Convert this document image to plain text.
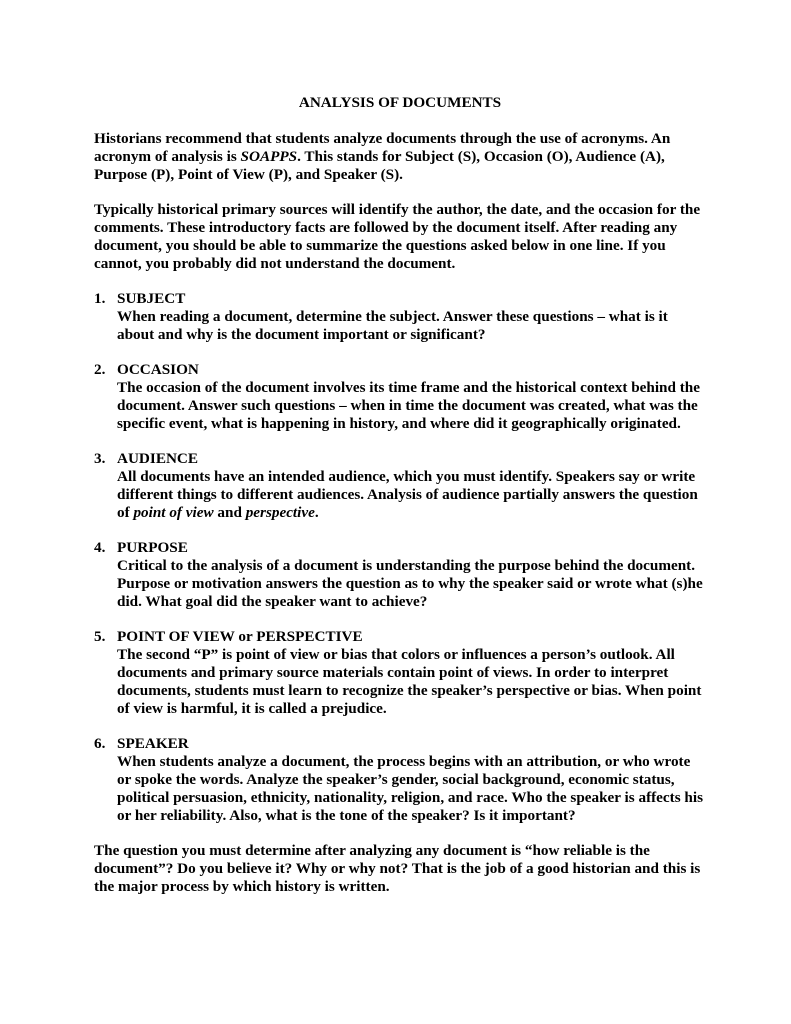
ANALYSIS OF DOCUMENTS

Historians recommend that students analyze documents through the use of acronyms. An acronym of analysis is SOAPPS. This stands for Subject (S), Occasion (O), Audience (A), Purpose (P), Point of View (P), and Speaker (S).

Typically historical primary sources will identify the author, the date, and the occasion for the comments. These introductory facts are followed by the document itself. After reading any document, you should be able to summarize the questions asked below in one line. If you cannot, you probably did not understand the document.

1. SUBJECT
When reading a document, determine the subject. Answer these questions – what is it about and why is the document important or significant?
2. OCCASION
The occasion of the document involves its time frame and the historical context behind the document. Answer such questions – when in time the document was created, what was the specific event, what is happening in history, and where did it geographically originated.
3. AUDIENCE
All documents have an intended audience, which you must identify. Speakers say or write different things to different audiences. Analysis of audience partially answers the question of point of view and perspective.
4. PURPOSE
Critical to the analysis of a document is understanding the purpose behind the document. Purpose or motivation answers the question as to why the speaker said or wrote what (s)he did. What goal did the speaker want to achieve?
5. POINT OF VIEW or PERSPECTIVE
The second “P” is point of view or bias that colors or influences a person’s outlook. All documents and primary source materials contain point of views. In order to interpret documents, students must learn to recognize the speaker’s perspective or bias. When point of view is harmful, it is called a prejudice.
6. SPEAKER
When students analyze a document, the process begins with an attribution, or who wrote or spoke the words. Analyze the speaker’s gender, social background, economic status, political persuasion, ethnicity, nationality, religion, and race. Who the speaker is affects his or her reliability. Also, what is the tone of the speaker? Is it important?

The question you must determine after analyzing any document is “how reliable is the document”? Do you believe it? Why or why not? That is the job of a good historian and this is the major process by which history is written.
